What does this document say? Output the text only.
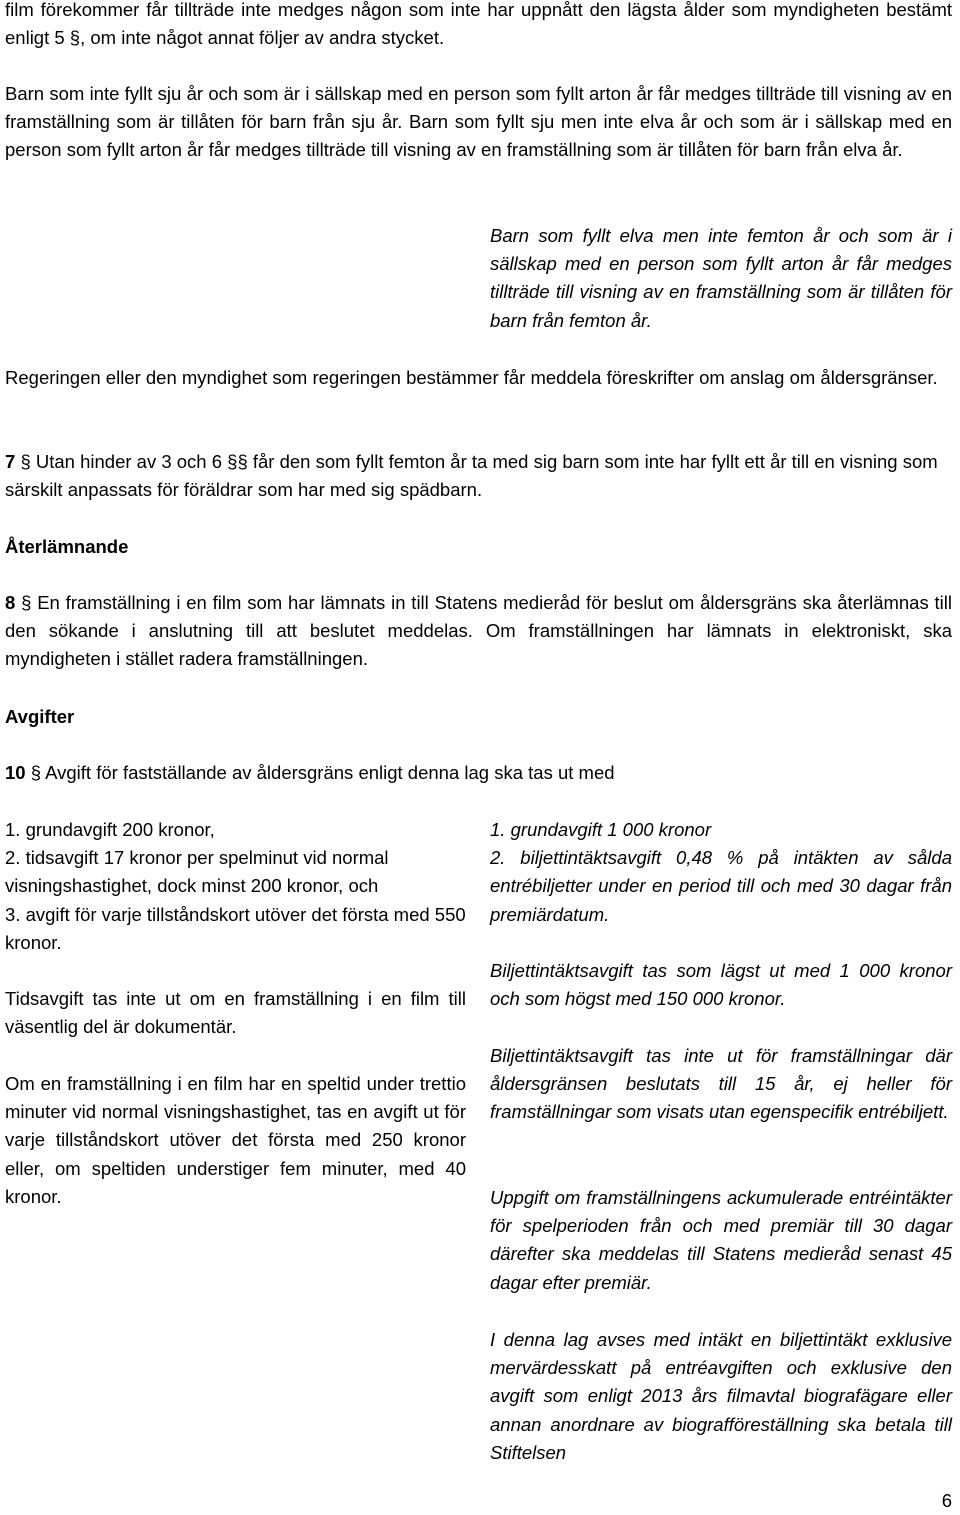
film förekommer får tillträde inte medges någon som inte har uppnått den lägsta ålder som myndigheten bestämt enligt 5 §, om inte något annat följer av andra stycket.

Barn som inte fyllt sju år och som är i sällskap med en person som fyllt arton år får medges tillträde till visning av en framställning som är tillåten för barn från sju år. Barn som fyllt sju men inte elva år och som är i sällskap med en person som fyllt arton år får medges tillträde till visning av en framställning som är tillåten för barn från elva år.

Barn som fyllt elva men inte femton år och som är i sällskap med en person som fyllt arton år får medges tillträde till visning av en framställning som är tillåten för barn från femton år.

Regeringen eller den myndighet som regeringen bestämmer får meddela föreskrifter om anslag om åldersgränser.

7 § Utan hinder av 3 och 6 §§ får den som fyllt femton år ta med sig barn som inte har fyllt ett år till en visning som särskilt anpassats för föräldrar som har med sig spädbarn.

Återlämnande

8 § En framställning i en film som har lämnats in till Statens medieråd för beslut om åldersgräns ska återlämnas till den sökande i anslutning till att beslutet meddelas. Om framställningen har lämnats in elektroniskt, ska myndigheten i stället radera framställningen.

Avgifter

10 § Avgift för fastställande av åldersgräns enligt denna lag ska tas ut med

1. grundavgift 200 kronor,
2. tidsavgift 17 kronor per spelminut vid normal visningshastighet, dock minst 200 kronor, och
3. avgift för varje tillståndskort utöver det första med 550 kronor.

Tidsavgift tas inte ut om en framställning i en film till väsentlig del är dokumentär.

Om en framställning i en film har en speltid under trettio minuter vid normal visningshastighet, tas en avgift ut för varje tillståndskort utöver det första med 250 kronor eller, om speltiden understiger fem minuter, med 40 kronor.

1. grundavgift 1 000 kronor
2. biljettintäktsavgift 0,48 % på intäkten av sålda entrébiljetter under en period till och med 30 dagar från premiärdatum.

Biljettintäktsavgift tas som lägst ut med 1 000 kronor och som högst med 150 000 kronor.

Biljettintäktsavgift tas inte ut för framställningar där åldersgränsen beslutats till 15 år, ej heller för framställningar som visats utan egenspecifik entrébiljett.

Uppgift om framställningens ackumulerade entréintäkter för spelperioden från och med premiär till 30 dagar därefter ska meddelas till Statens medieråd senast 45 dagar efter premiär.

I denna lag avses med intäkt en biljettintäkt exklusive mervärdesskatt på entréavgiften och exklusive den avgift som enligt 2013 års filmavtal biografägare eller annan anordnare av biografföreställning ska betala till Stiftelsen

6
